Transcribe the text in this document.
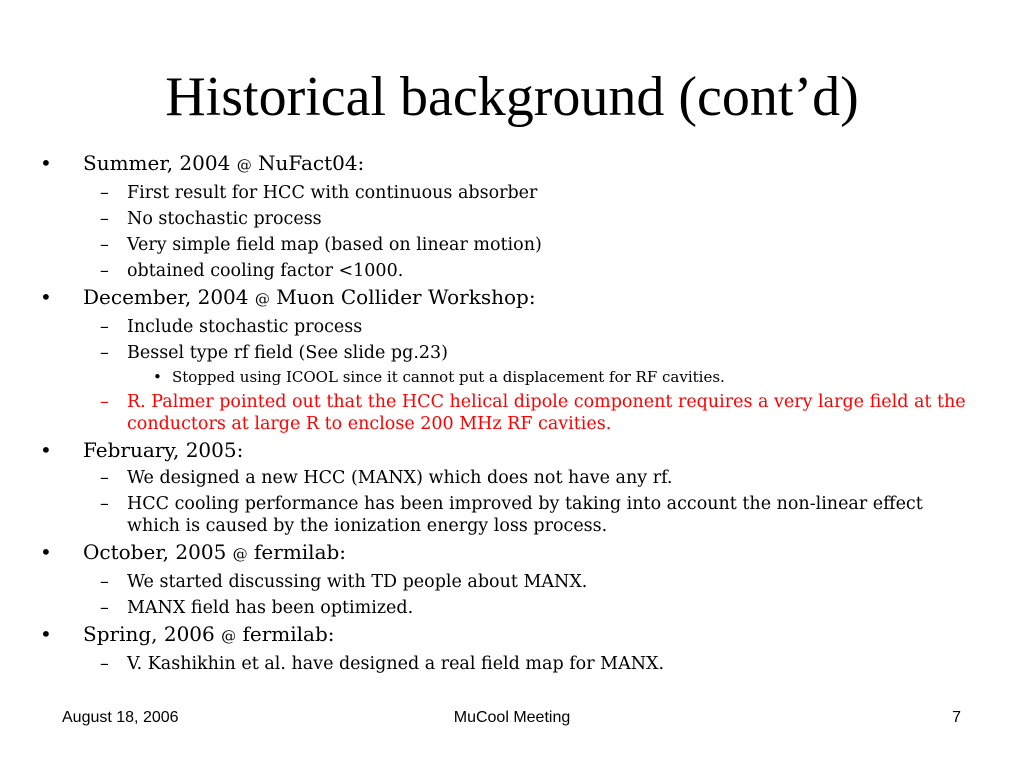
Historical background (cont’d)
• Summer, 2004 @ NuFact04:
– First result for HCC with continuous absorber
– No stochastic process
– Very simple field map (based on linear motion)
– obtained cooling factor <1000.
• December, 2004 @ Muon Collider Workshop:
– Include stochastic process
– Bessel type rf field (See slide pg.23)
• Stopped using ICOOL since it cannot put a displacement for RF cavities.
– R. Palmer pointed out that the HCC helical dipole component requires a very large field at the conductors at large R to enclose 200 MHz RF cavities.
• February, 2005:
– We designed a new HCC (MANX) which does not have any rf.
– HCC cooling performance has been improved by taking into account the non-linear effect which is caused by the ionization energy loss process.
• October, 2005 @ fermilab:
– We started discussing with TD people about MANX.
– MANX field has been optimized.
• Spring, 2006 @ fermilab:
– V. Kashikhin et al. have designed a real field map for MANX.
August 18, 2006	MuCool Meeting	7
